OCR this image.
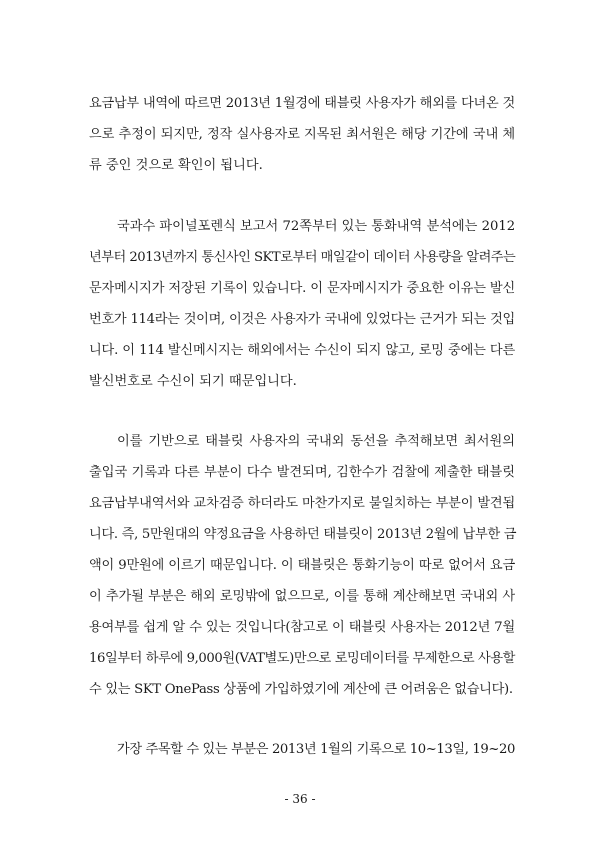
요금납부 내역에 따르면 2013년 1월경에 태블릿 사용자가 해외를 다녀온 것
으로 추정이 되지만, 정작 실사용자로 지목된 최서원은 해당 기간에 국내 체
류 중인 것으로 확인이 됩니다.
국과수 파이널포렌식 보고서 72쪽부터 있는 통화내역 분석에는 2012
년부터 2013년까지 통신사인 SKT로부터 매일같이 데이터 사용량을 알려주는
문자메시지가 저장된 기록이 있습니다. 이 문자메시지가 중요한 이유는 발신
번호가 114라는 것이며, 이것은 사용자가 국내에 있었다는 근거가 되는 것입
니다. 이 114 발신메시지는 해외에서는 수신이 되지 않고, 로밍 중에는 다른
발신번호로 수신이 되기 때문입니다.
이를 기반으로 태블릿 사용자의 국내외 동선을 추적해보면 최서원의
출입국 기록과 다른 부분이 다수 발견되며, 김한수가 검찰에 제출한 태블릿
요금납부내역서와 교차검증 하더라도 마찬가지로 불일치하는 부분이 발견됩
니다. 즉, 5만원대의 약정요금을 사용하던 태블릿이 2013년 2월에 납부한 금
액이 9만원에 이르기 때문입니다. 이 태블릿은 통화기능이 따로 없어서 요금
이 추가될 부분은 해외 로밍밖에 없으므로, 이를 통해 계산해보면 국내외 사
용여부를 쉽게 알 수 있는 것입니다(참고로 이 태블릿 사용자는 2012년 7월
16일부터 하루에 9,000원(VAT별도)만으로 로밍데이터를 무제한으로 사용할
수 있는 SKT OnePass 상품에 가입하였기에 계산에 큰 어려움은 없습니다).
가장 주목할 수 있는 부분은 2013년 1월의 기록으로 10~13일, 19~20
- 36 -
